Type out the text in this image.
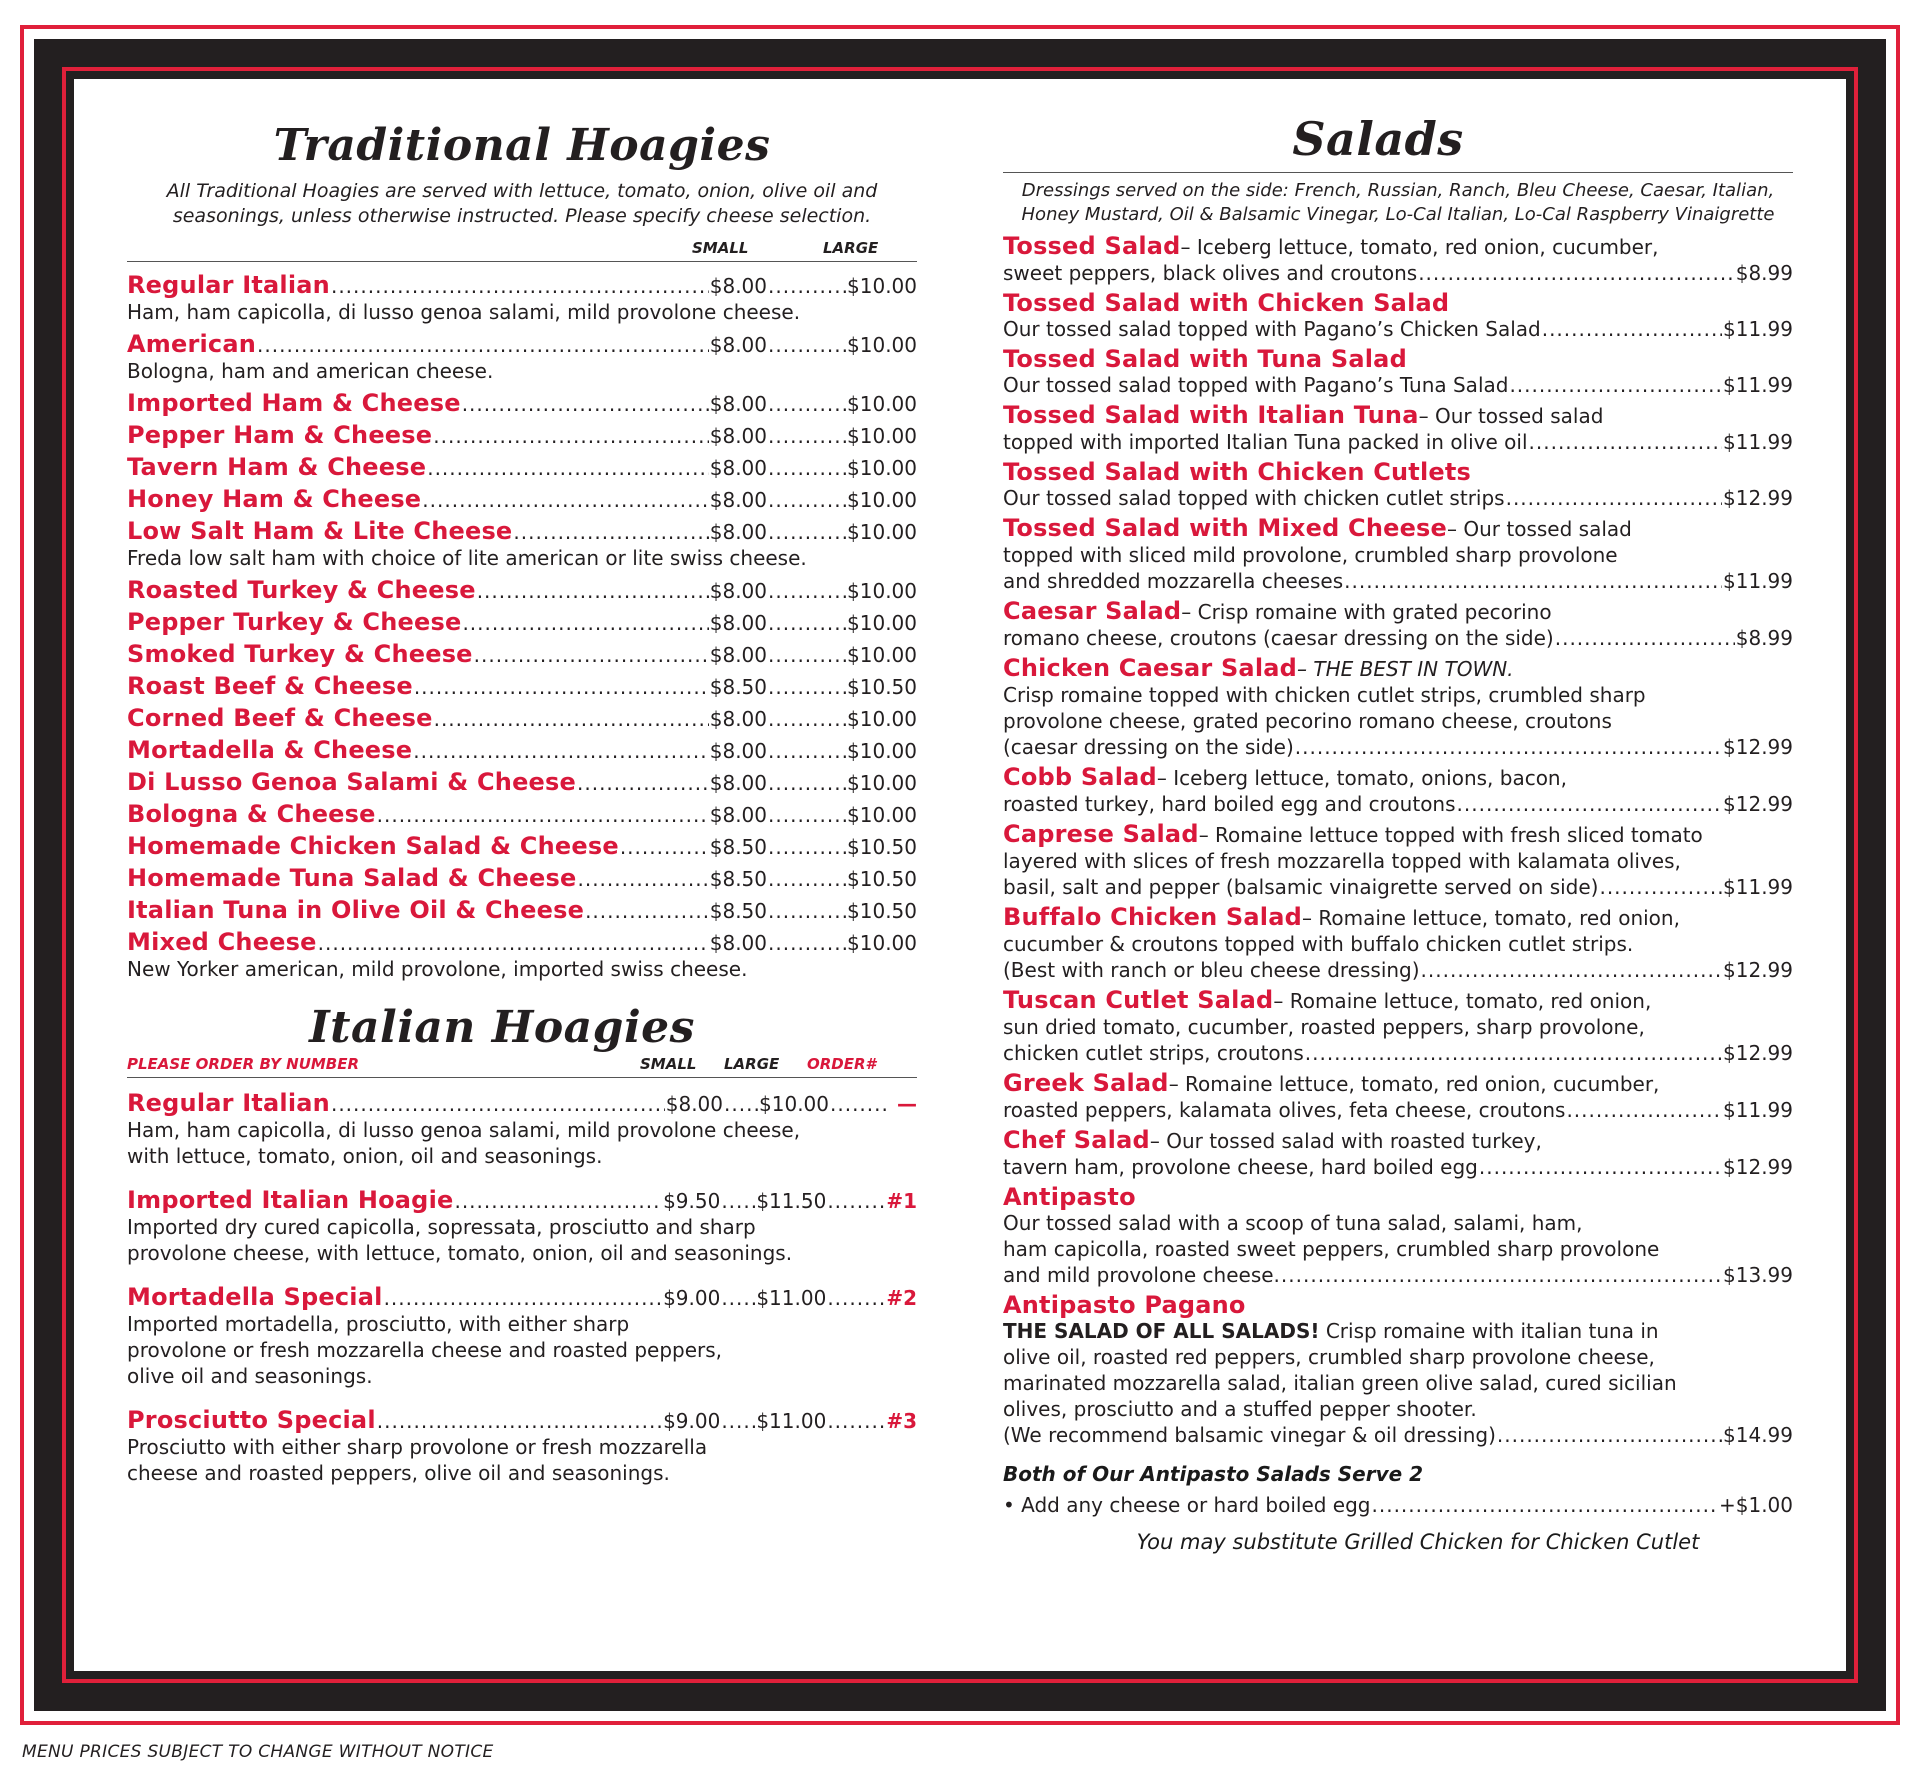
Traditional Hoagies
All Traditional Hoagies are served with lettuce, tomato, onion, olive oil and
seasonings, unless otherwise instructed. Please specify cheese selection.
SMALL	LARGE
Regular Italian .....	$8.00 .....	$10.00
Ham, ham capicolla, di lusso genoa salami, mild provolone cheese.
American .....	$8.00 .....	$10.00
Bologna, ham and american cheese.
Imported Ham & Cheese .....	$8.00 .....	$10.00
Pepper Ham & Cheese .....	$8.00 .....	$10.00
Tavern Ham & Cheese .....	$8.00 .....	$10.00
Honey Ham & Cheese .....	$8.00 .....	$10.00
Low Salt Ham & Lite Cheese .....	$8.00 .....	$10.00
Freda low salt ham with choice of lite american or lite swiss cheese.
Roasted Turkey & Cheese .....	$8.00 .....	$10.00
Pepper Turkey & Cheese .....	$8.00 .....	$10.00
Smoked Turkey & Cheese .....	$8.00 .....	$10.00
Roast Beef & Cheese .....	$8.50 .....	$10.50
Corned Beef & Cheese .....	$8.00 .....	$10.00
Mortadella & Cheese .....	$8.00 .....	$10.00
Di Lusso Genoa Salami & Cheese .....	$8.00 .....	$10.00
Bologna & Cheese .....	$8.00 .....	$10.00
Homemade Chicken Salad & Cheese .....	$8.50 .....	$10.50
Homemade Tuna Salad & Cheese .....	$8.50 .....	$10.50
Italian Tuna in Olive Oil & Cheese .....	$8.50 .....	$10.50
Mixed Cheese .....	$8.00 .....	$10.00
New Yorker american, mild provolone, imported swiss cheese.
Italian Hoagies
PLEASE ORDER BY NUMBER	SMALL LARGE ORDER#
Regular Italian .....	$8.00 ..... $10.00 .....	—
Ham, ham capicolla, di lusso genoa salami, mild provolone cheese,
with lettuce, tomato, onion, oil and seasonings.
Imported Italian Hoagie .....	$9.50 ..... $11.50 .....	#1
Imported dry cured capicolla, sopressata, prosciutto and sharp
provolone cheese, with lettuce, tomato, onion, oil and seasonings.
Mortadella Special .....	$9.00 ..... $11.00 .....	#2
Imported mortadella, prosciutto, with either sharp
provolone or fresh mozzarella cheese and roasted peppers,
olive oil and seasonings.
Prosciutto Special .....	$9.00 ..... $11.00 .....	#3
Prosciutto with either sharp provolone or fresh mozzarella
cheese and roasted peppers, olive oil and seasonings.
Salads
Dressings served on the side: French, Russian, Ranch, Bleu Cheese, Caesar, Italian,
Honey Mustard, Oil & Balsamic Vinegar, Lo-Cal Italian, Lo-Cal Raspberry Vinaigrette
Tossed Salad – Iceberg lettuce, tomato, red onion, cucumber,
sweet peppers, black olives and croutons .....	$8.99
Tossed Salad with Chicken Salad
Our tossed salad topped with Pagano’s Chicken Salad .....	$11.99
Tossed Salad with Tuna Salad
Our tossed salad topped with Pagano’s Tuna Salad .....	$11.99
Tossed Salad with Italian Tuna – Our tossed salad
topped with imported Italian Tuna packed in olive oil .....	$11.99
Tossed Salad with Chicken Cutlets
Our tossed salad topped with chicken cutlet strips .....	$12.99
Tossed Salad with Mixed Cheese – Our tossed salad
topped with sliced mild provolone, crumbled sharp provolone
and shredded mozzarella cheeses .....	$11.99
Caesar Salad – Crisp romaine with grated pecorino
romano cheese, croutons (caesar dressing on the side) .....	$8.99
Chicken Caesar Salad – THE BEST IN TOWN.
Crisp romaine topped with chicken cutlet strips, crumbled sharp
provolone cheese, grated pecorino romano cheese, croutons
(caesar dressing on the side) .....	$12.99
Cobb Salad – Iceberg lettuce, tomato, onions, bacon,
roasted turkey, hard boiled egg and croutons .....	$12.99
Caprese Salad – Romaine lettuce topped with fresh sliced tomato
layered with slices of fresh mozzarella topped with kalamata olives,
basil, salt and pepper (balsamic vinaigrette served on side) .....	$11.99
Buffalo Chicken Salad – Romaine lettuce, tomato, red onion,
cucumber & croutons topped with buffalo chicken cutlet strips.
(Best with ranch or bleu cheese dressing) .....	$12.99
Tuscan Cutlet Salad – Romaine lettuce, tomato, red onion,
sun dried tomato, cucumber, roasted peppers, sharp provolone,
chicken cutlet strips, croutons .....	$12.99
Greek Salad – Romaine lettuce, tomato, red onion, cucumber,
roasted peppers, kalamata olives, feta cheese, croutons .....	$11.99
Chef Salad – Our tossed salad with roasted turkey,
tavern ham, provolone cheese, hard boiled egg .....	$12.99
Antipasto
Our tossed salad with a scoop of tuna salad, salami, ham,
ham capicolla, roasted sweet peppers, crumbled sharp provolone
and mild provolone cheese. .....	$13.99
Antipasto Pagano
THE SALAD OF ALL SALADS! Crisp romaine with italian tuna in
olive oil, roasted red peppers, crumbled sharp provolone cheese,
marinated mozzarella salad, italian green olive salad, cured sicilian
olives, prosciutto and a stuffed pepper shooter.
(We recommend balsamic vinegar & oil dressing) .....	$14.99
Both of Our Antipasto Salads Serve 2
• Add any cheese or hard boiled egg .....	+$1.00
You may substitute Grilled Chicken for Chicken Cutlet
MENU PRICES SUBJECT TO CHANGE WITHOUT NOTICE
